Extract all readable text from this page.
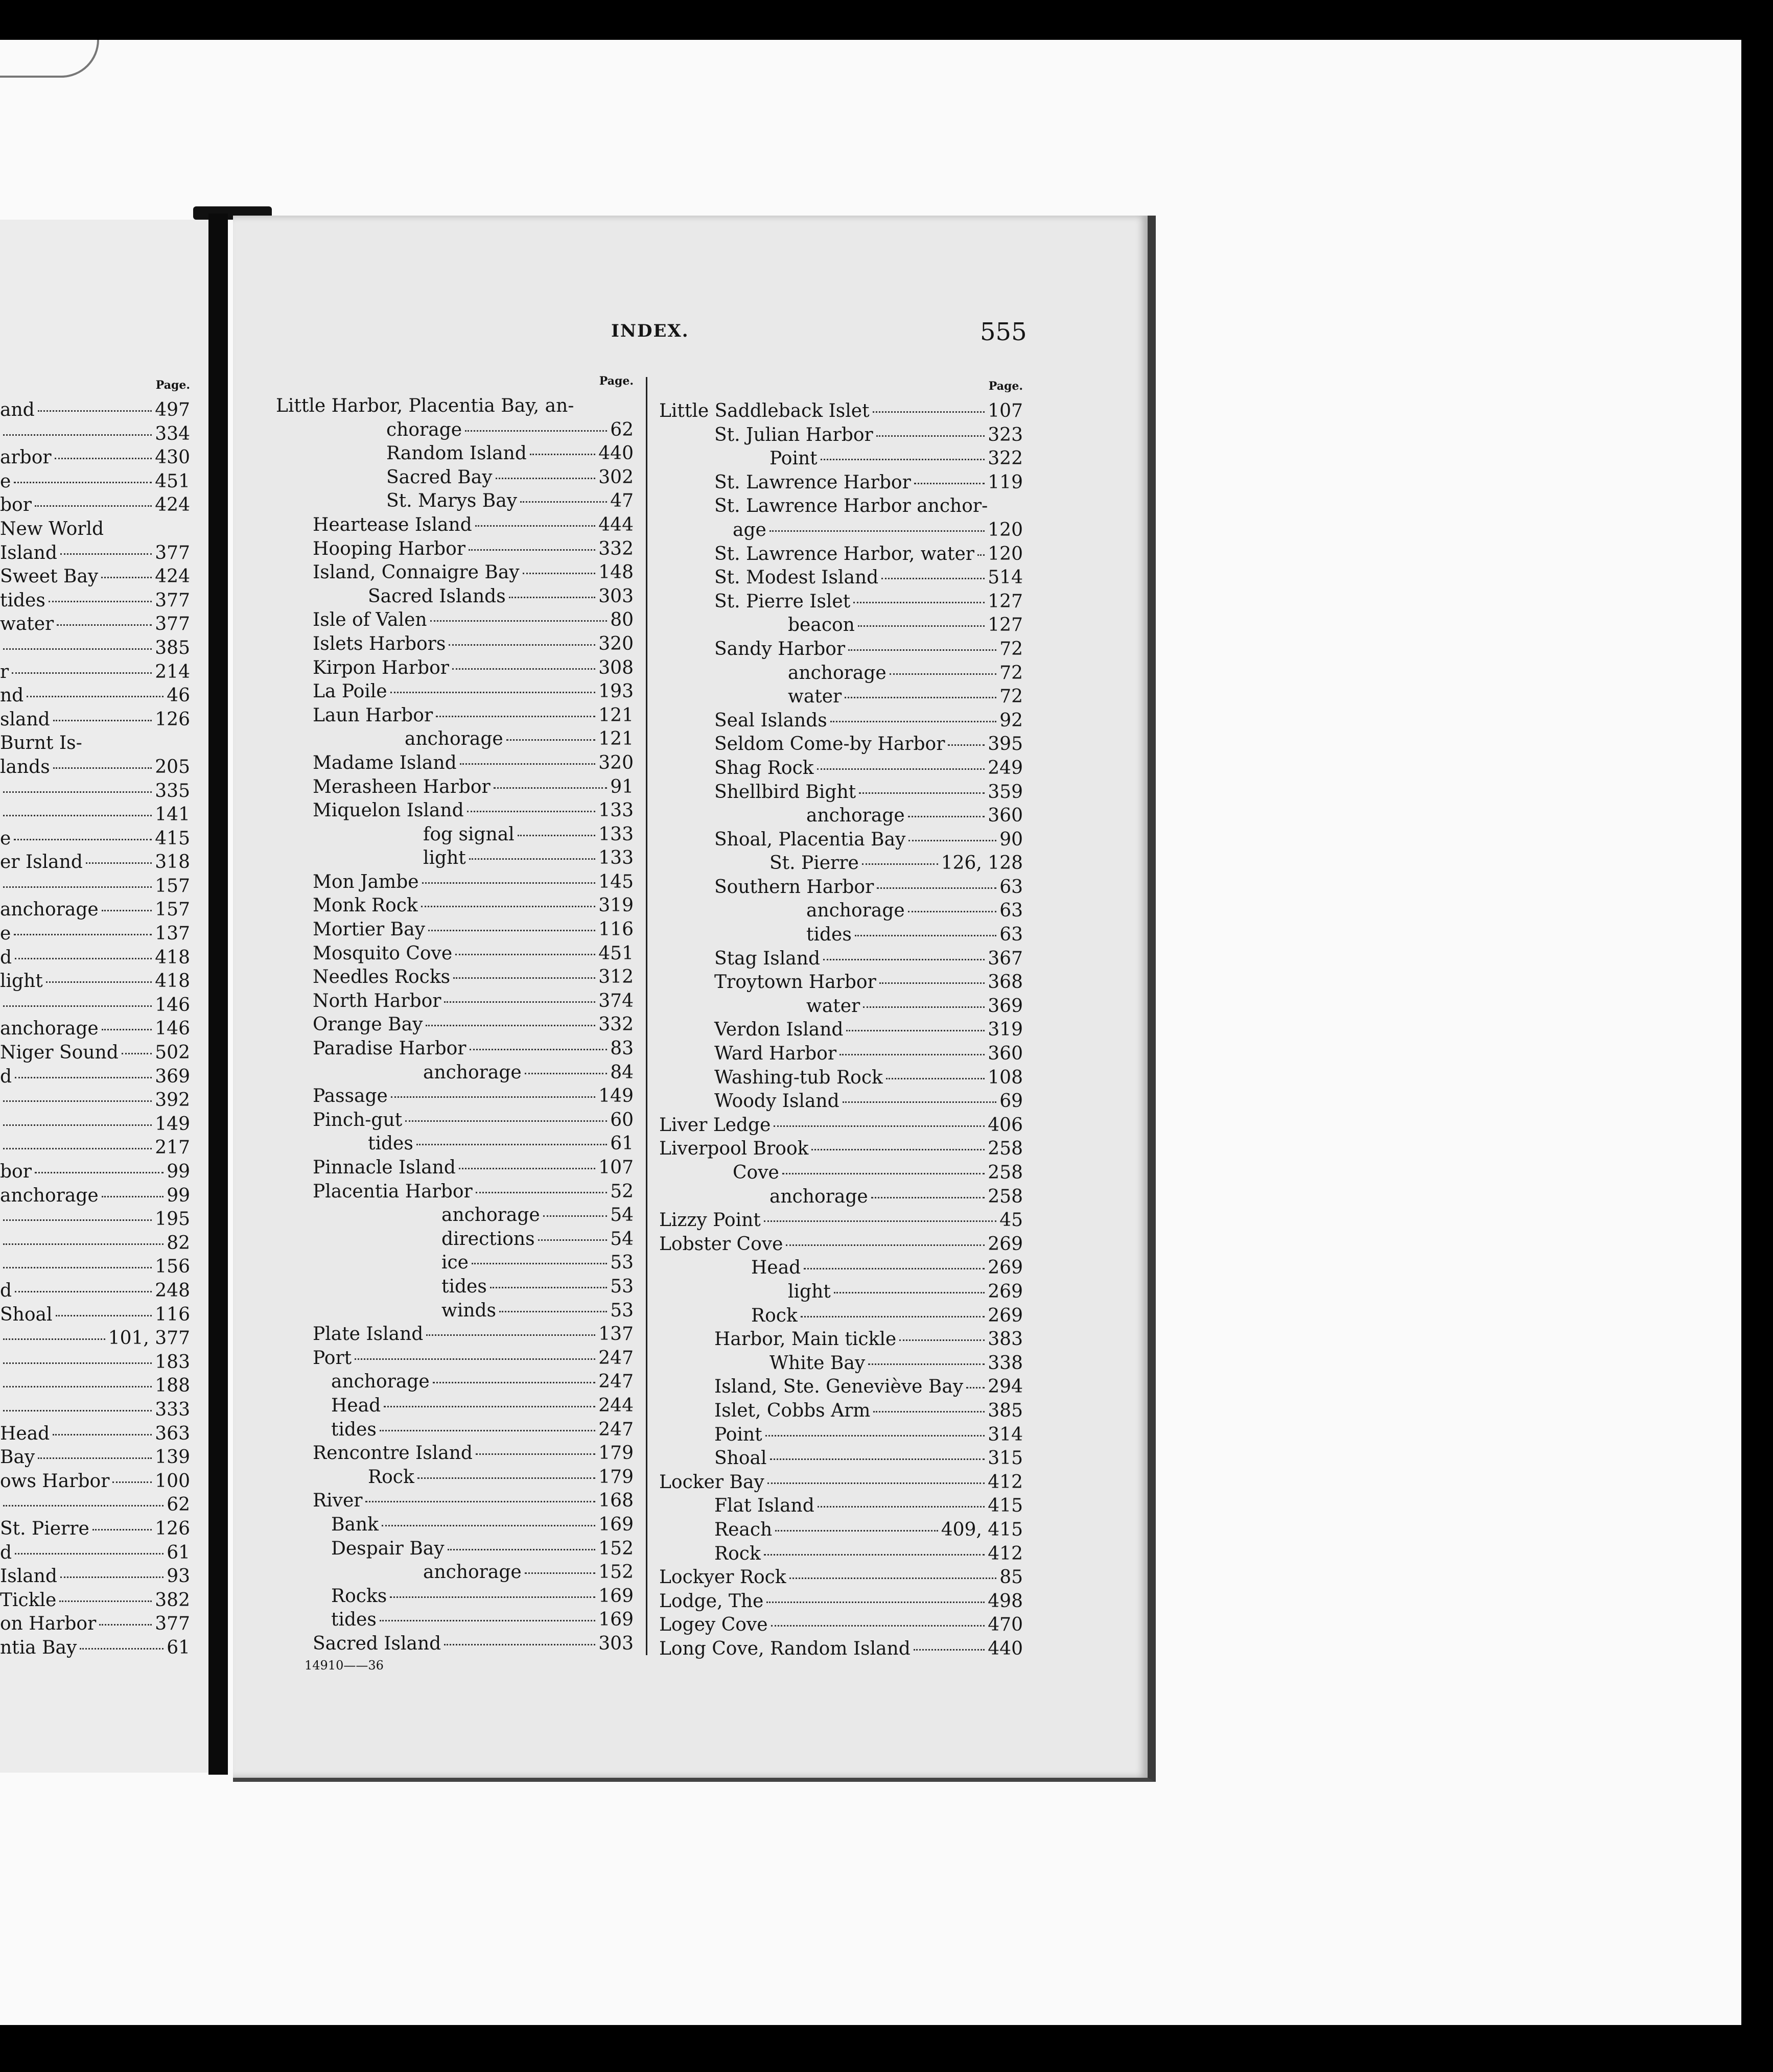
Page.
and	497
334
arbor	430
e	451
bor	424
New World
Island	377
Sweet Bay	424
tides	377
water	377
385
r	214
nd	46
sland	126
Burnt Is-
lands	205
335
141
e	415
er Island	318
157
anchorage	157
e	137
d	418
light	418
146
anchorage	146
Niger Sound 502
d	369
392
149
217
bor	99
anchorage	99
195
82
156
d	248
Shoal	116
101, 377
183
188
333
Head	363
Bay	139
ows Harbor 100
62
St. Pierre	126
d	61
Island	93
Tickle	382
on Harbor	377
ntia Bay	61
INDEX.	555
Page.
Little Harbor, Placentia Bay, an-
chorage	62
Random Island	440
Sacred Bay	302
St. Marys Bay	47
Heartease Island	444
Hooping Harbor	332
Island, Connaigre Bay	148
Sacred Islands	303
Isle of Valen	80
Islets Harbors	320
Kirpon Harbor	308
La Poile	193
Laun Harbor	121
anchorage	121
Madame Island	320
Merasheen Harbor	91
Miquelon Island	133
fog signal	133
light	133
Mon Jambe	145
Monk Rock	319
Mortier Bay	116
Mosquito Cove	451
Needles Rocks	312
North Harbor	374
Orange Bay	332
Paradise Harbor	83
anchorage	84
Passage	149
Pinch-gut	60
tides	61
Pinnacle Island	107
Placentia Harbor	52
anchorage	54
directions	54
ice	53
tides	53
winds	53
Plate Island	137
Port	247
anchorage	247
Head	244
tides	247
Rencontre Island	179
Rock	179
River	168
Bank	169
Despair Bay	152
anchorage	152
Rocks	169
tides	169
Sacred Island	303
Page.
Little Saddleback Islet	107
St. Julian Harbor	323
Point	322
St. Lawrence Harbor	119
St. Lawrence Harbor anchor-
age	120
St. Lawrence Harbor, water 120
St. Modest Island	514
St. Pierre Islet	127
beacon	127
Sandy Harbor	72
anchorage	72
water	72
Seal Islands	92
Seldom Come-by Harbor 395
Shag Rock	249
Shellbird Bight	359
anchorage	360
Shoal, Placentia Bay	90
St. Pierre	126, 128
Southern Harbor	63
anchorage	63
tides	63
Stag Island	367
Troytown Harbor	368
water	369
Verdon Island	319
Ward Harbor	360
Washing-tub Rock	108
Woody Island	69
Liver Ledge	406
Liverpool Brook	258
Cove	258
anchorage	258
Lizzy Point	45
Lobster Cove	269
Head	269
light	269
Rock	269
Harbor, Main tickle	383
White Bay	338
Island, Ste. Geneviève Bay 294
Islet, Cobbs Arm	385
Point	314
Shoal	315
Locker Bay	412
Flat Island	415
Reach	409, 415
Rock	412
Lockyer Rock	85
Lodge, The	498
Logey Cove	470
Long Cove, Random Island	440
14910——36
